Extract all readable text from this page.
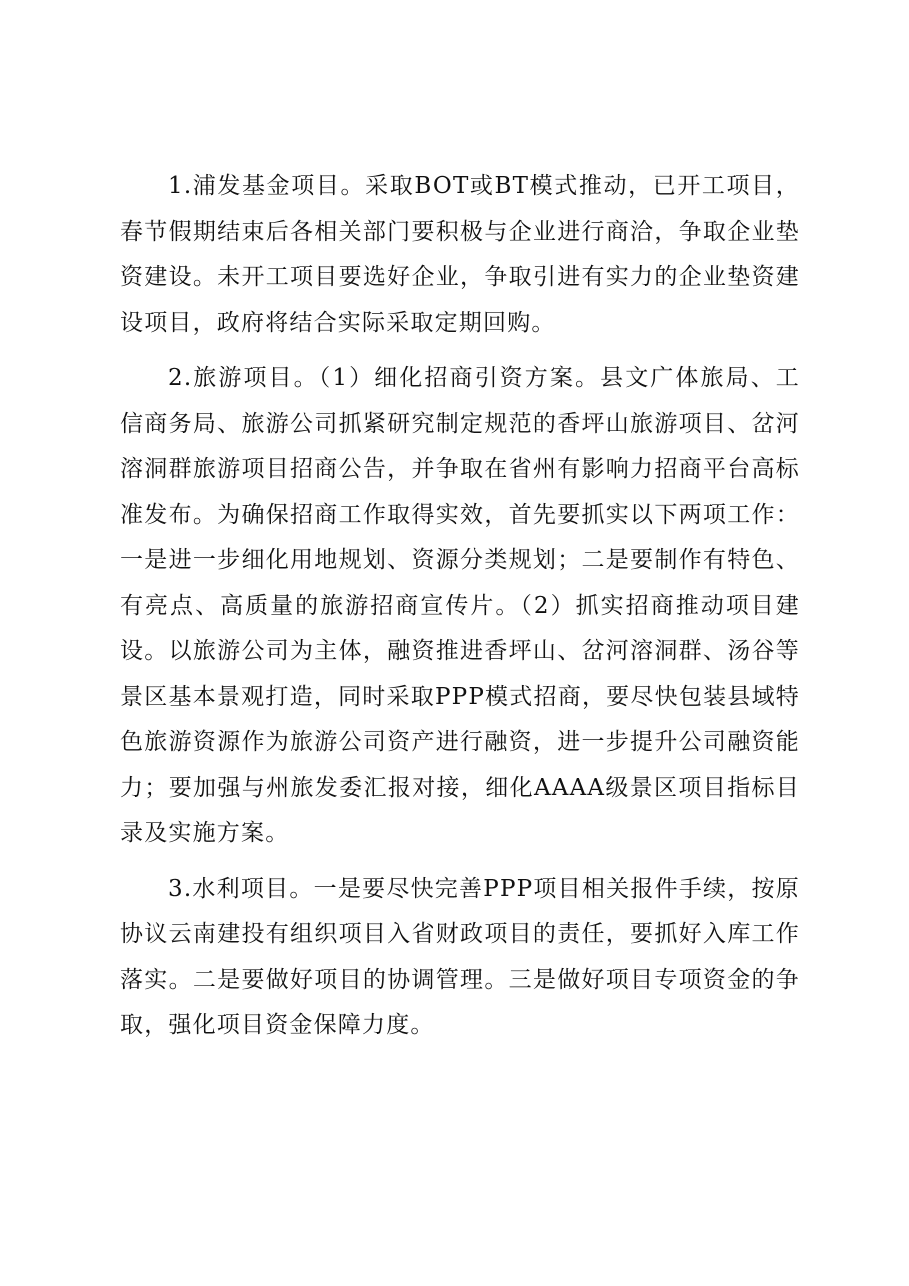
1.浦发基金项目。采取BOT或BT模式推动，已开工项目，春节假期结束后各相关部门要积极与企业进行商洽，争取企业垫资建设。未开工项目要选好企业，争取引进有实力的企业垫资建设项目，政府将结合实际采取定期回购。

2.旅游项目。（1）细化招商引资方案。县文广体旅局、工信商务局、旅游公司抓紧研究制定规范的香坪山旅游项目、岔河溶洞群旅游项目招商公告，并争取在省州有影响力招商平台高标准发布。为确保招商工作取得实效，首先要抓实以下两项工作：一是进一步细化用地规划、资源分类规划；二是要制作有特色、有亮点、高质量的旅游招商宣传片。（2）抓实招商推动项目建设。以旅游公司为主体，融资推进香坪山、岔河溶洞群、汤谷等景区基本景观打造，同时采取PPP模式招商，要尽快包装县域特色旅游资源作为旅游公司资产进行融资，进一步提升公司融资能力；要加强与州旅发委汇报对接，细化AAAA级景区项目指标目录及实施方案。

3.水利项目。一是要尽快完善PPP项目相关报件手续，按原协议云南建投有组织项目入省财政项目的责任，要抓好入库工作落实。二是要做好项目的协调管理。三是做好项目专项资金的争取，强化项目资金保障力度。
